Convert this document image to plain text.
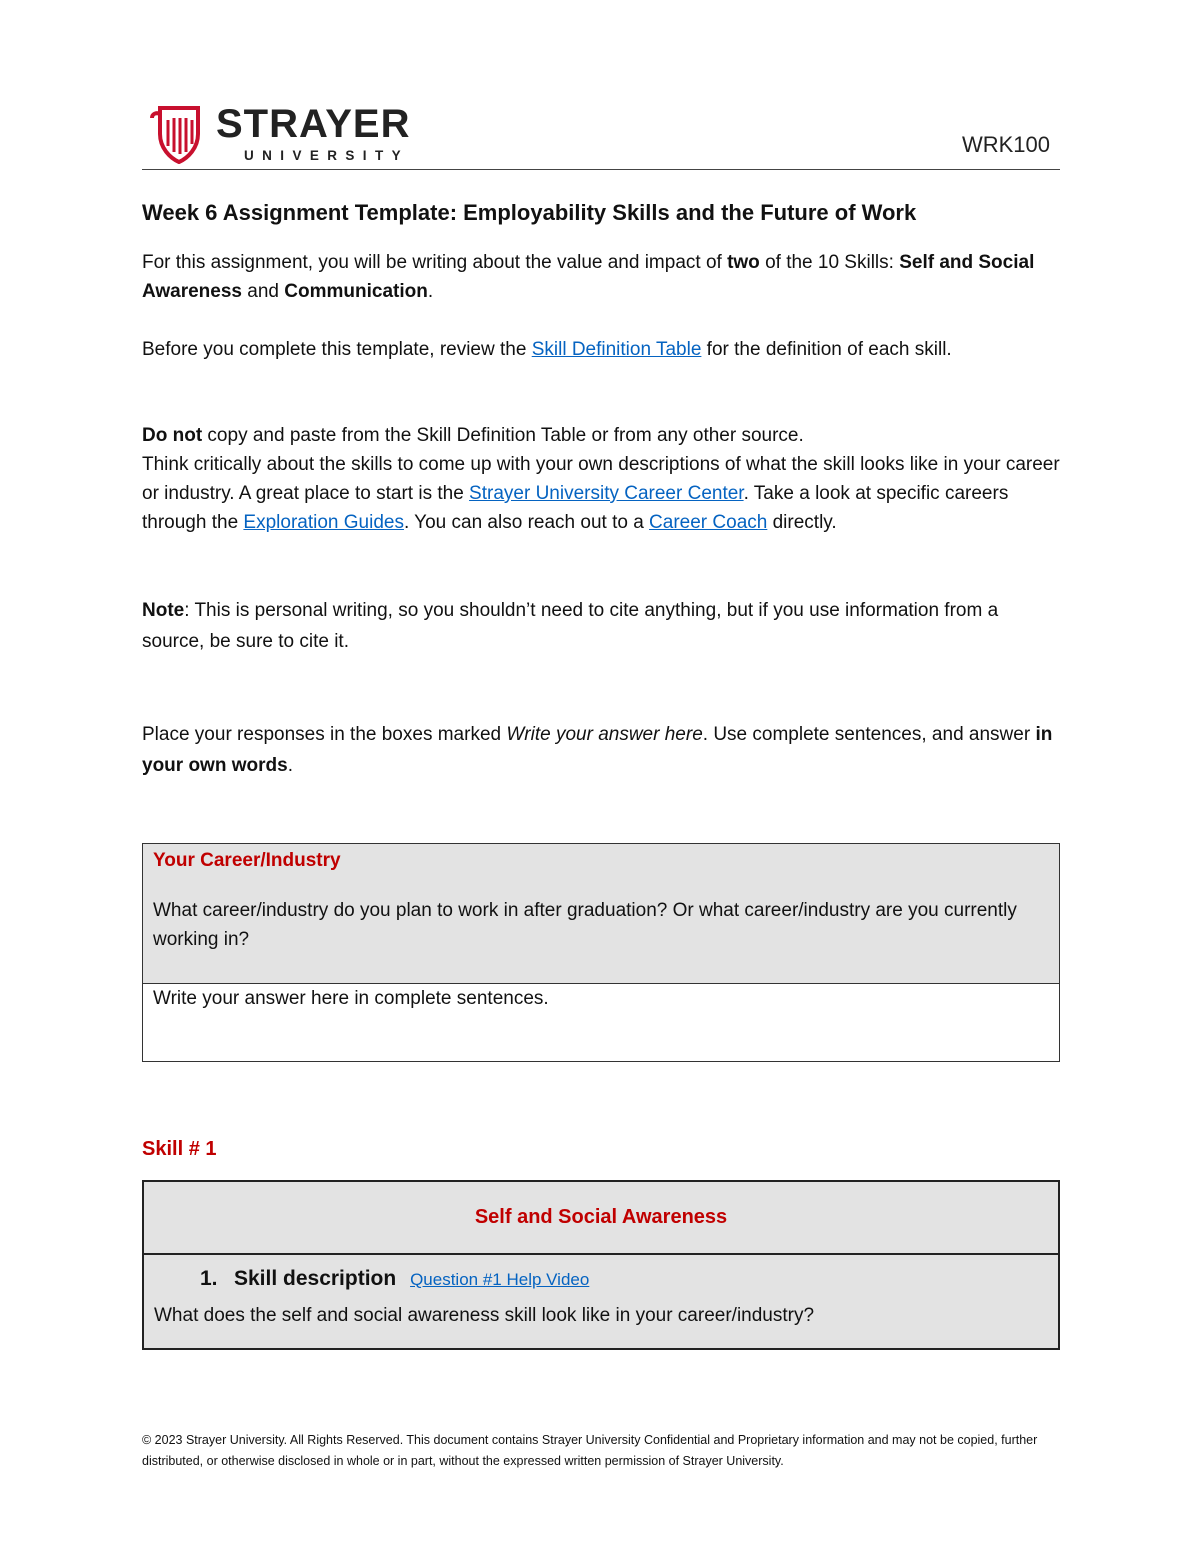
STRAYER
UNIVERSITY	WRK100
Week 6 Assignment Template: Employability Skills and the Future of Work
For this assignment, you will be writing about the value and impact of two of the 10 Skills: Self and Social Awareness and Communication.
Before you complete this template, review the Skill Definition Table for the definition of each skill.
Do not copy and paste from the Skill Definition Table or from any other source.
Think critically about the skills to come up with your own descriptions of what the skill looks like in your career or industry. A great place to start is the Strayer University Career Center. Take a look at specific careers through the Exploration Guides. You can also reach out to a Career Coach directly.
Note: This is personal writing, so you shouldn’t need to cite anything, but if you use information from a source, be sure to cite it.
Place your responses in the boxes marked Write your answer here. Use complete sentences, and answer in your own words.
Your Career/Industry
What career/industry do you plan to work in after graduation? Or what career/industry are you currently working in?

Write your answer here in complete sentences.
Skill # 1
Self and Social Awareness

1. Skill description Question #1 Help Video
What does the self and social awareness skill look like in your career/industry?
© 2023 Strayer University. All Rights Reserved. This document contains Strayer University Confidential and Proprietary information and may not be copied, further distributed, or otherwise disclosed in whole or in part, without the expressed written permission of Strayer University.
